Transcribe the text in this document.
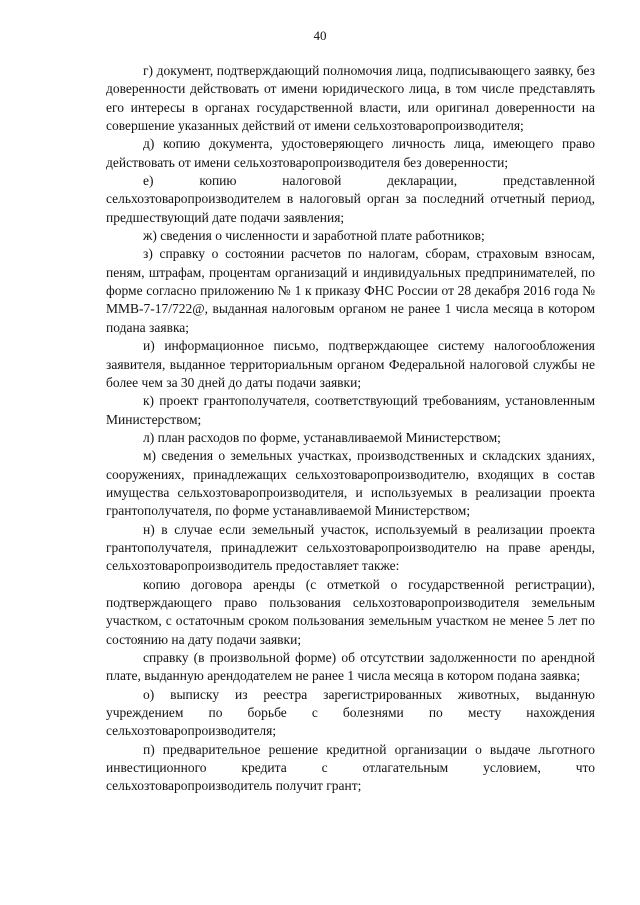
40

г) документ, подтверждающий полномочия лица, подписывающего заявку, без доверенности действовать от имени юридического лица, в том числе представлять его интересы в органах государственной власти, или оригинал доверенности на совершение указанных действий от имени сельхозтоваропроизводителя;

д) копию документа, удостоверяющего личность лица, имеющего право действовать от имени сельхозтоваропроизводителя без доверенности;

е) копию налоговой декларации, представленной сельхозтоваропроизводителем в налоговый орган за последний отчетный период, предшествующий дате подачи заявления;

ж) сведения о численности и заработной плате работников;

з) справку о состоянии расчетов по налогам, сборам, страховым взносам, пеням, штрафам, процентам организаций и индивидуальных предпринимателей, по форме согласно приложению № 1 к приказу ФНС России от 28 декабря 2016 года № ММВ-7-17/722@, выданная налоговым органом не ранее 1 числа месяца в котором подана заявка;

и) информационное письмо, подтверждающее систему налогообложения заявителя, выданное территориальным органом Федеральной налоговой службы не более чем за 30 дней до даты подачи заявки;

к) проект грантополучателя, соответствующий требованиям, установленным Министерством;

л) план расходов по форме, устанавливаемой Министерством;

м) сведения о земельных участках, производственных и складских зданиях, сооружениях, принадлежащих сельхозтоваропроизводителю, входящих в состав имущества сельхозтоваропроизводителя, и используемых в реализации проекта грантополучателя, по форме устанавливаемой Министерством;

н) в случае если земельный участок, используемый в реализации проекта грантополучателя, принадлежит сельхозтоваропроизводителю на праве аренды, сельхозтоваропроизводитель предоставляет также:

копию договора аренды (с отметкой о государственной регистрации), подтверждающего право пользования сельхозтоваропроизводителя земельным участком, с остаточным сроком пользования земельным участком не менее 5 лет по состоянию на дату подачи заявки;

справку (в произвольной форме) об отсутствии задолженности по арендной плате, выданную арендодателем не ранее 1 числа месяца в котором подана заявка;

о) выписку из реестра зарегистрированных животных, выданную учреждением по борьбе с болезнями по месту нахождения сельхозтоваропроизводителя;

п) предварительное решение кредитной организации о выдаче льготного инвестиционного кредита с отлагательным условием, что сельхозтоваропроизводитель получит грант;
